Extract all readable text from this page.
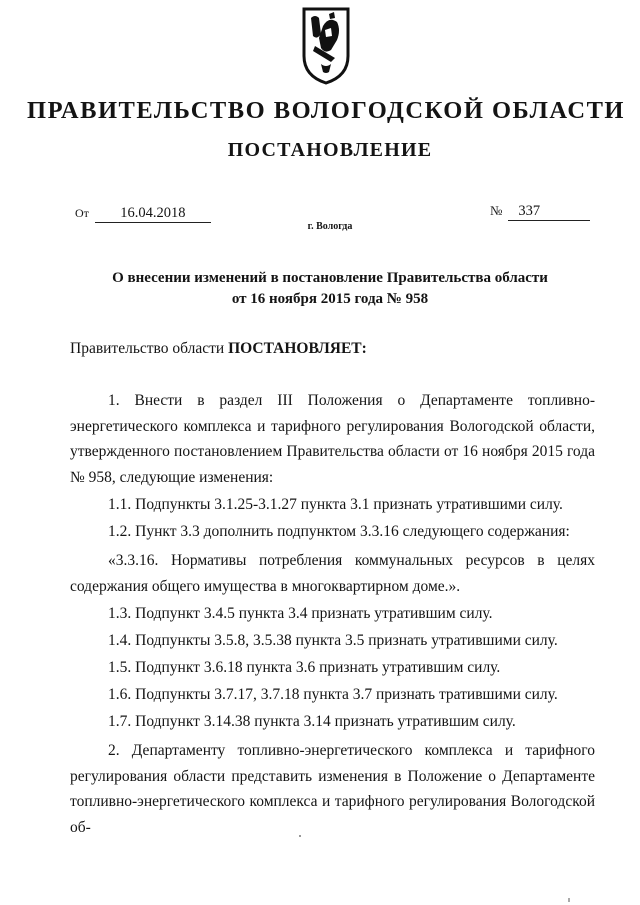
ПРАВИТЕЛЬСТВО ВОЛОГОДСКОЙ ОБЛАСТИ
ПОСТАНОВЛЕНИЕ
От 16.04.2018	№ 337
г. Вологда
О внесении изменений в постановление Правительства области
от 16 ноября 2015 года № 958
Правительство области ПОСТАНОВЛЯЕТ:

1. Внести в раздел III Положения о Департаменте топливно-энергетического комплекса и тарифного регулирования Вологодской области, утвержденного постановлением Правительства области от 16 ноября 2015 года № 958, следующие изменения:

1.1. Подпункты 3.1.25-3.1.27 пункта 3.1 признать утратившими силу.

1.2. Пункт 3.3 дополнить подпунктом 3.3.16 следующего содержания:

«3.3.16. Нормативы потребления коммунальных ресурсов в целях содержания общего имущества в многоквартирном доме.».

1.3. Подпункт 3.4.5 пункта 3.4 признать утратившим силу.

1.4. Подпункты 3.5.8, 3.5.38 пункта 3.5 признать утратившими силу.

1.5. Подпункт 3.6.18 пункта 3.6 признать утратившим силу.

1.6. Подпункты 3.7.17, 3.7.18 пункта 3.7 признать тратившими силу.

1.7. Подпункт 3.14.38 пункта 3.14 признать утратившим силу.

2. Департаменту топливно-энергетического комплекса и тарифного регулирования области представить изменения в Положение о Департаменте топливно-энергетического комплекса и тарифного регулирования Вологодской об-
